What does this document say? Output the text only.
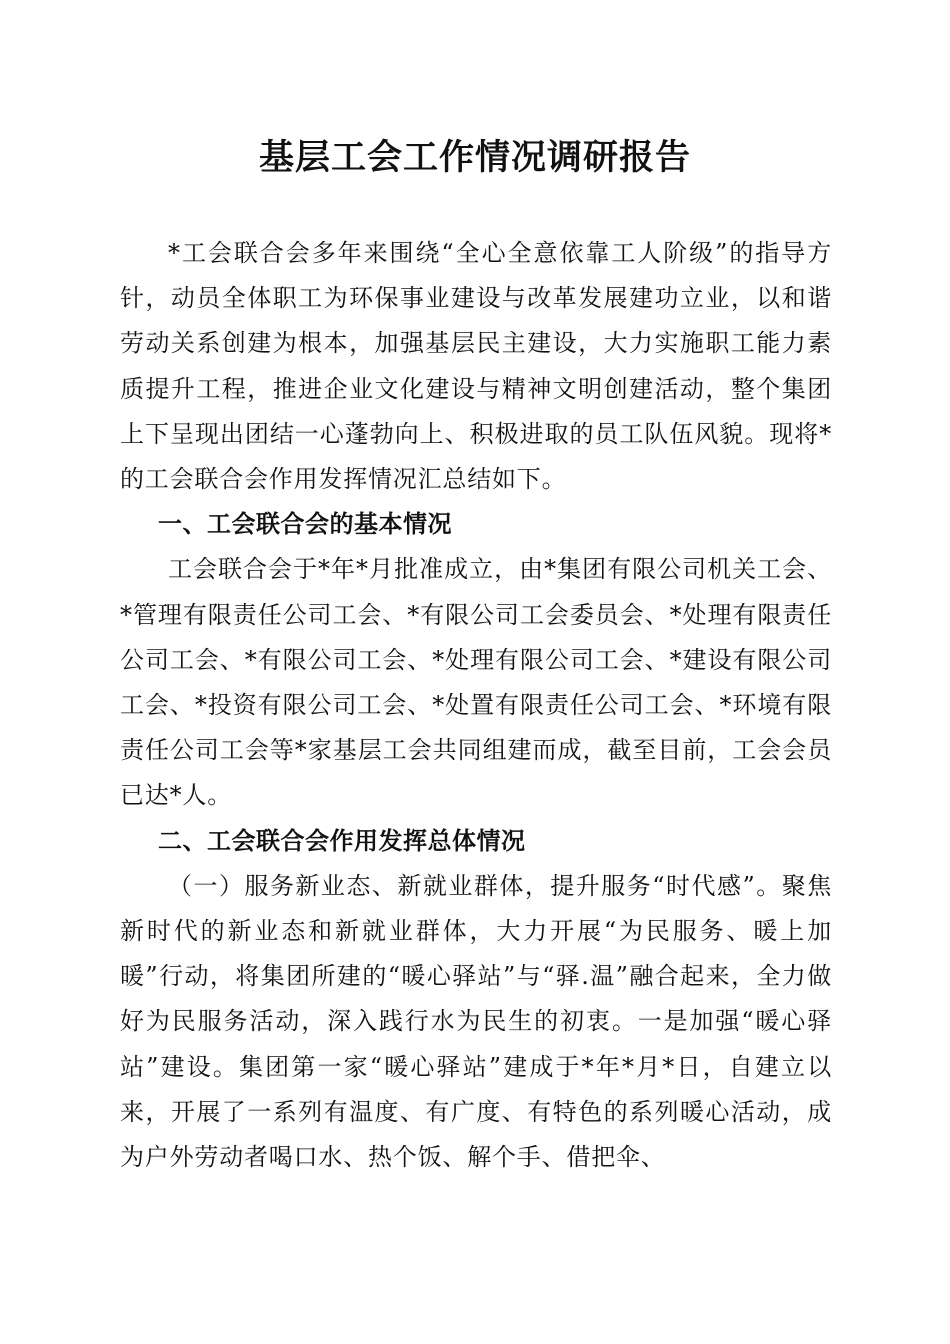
基层工会工作情况调研报告

*工会联合会多年来围绕“全心全意依靠工人阶级”的指导方针，动员全体职工为环保事业建设与改革发展建功立业，以和谐劳动关系创建为根本，加强基层民主建设，大力实施职工能力素质提升工程，推进企业文化建设与精神文明创建活动，整个集团上下呈现出团结一心蓬勃向上、积极进取的员工队伍风貌。现将*的工会联合会作用发挥情况汇总结如下。

一、工会联合会的基本情况

工会联合会于*年*月批准成立，由*集团有限公司机关工会、*管理有限责任公司工会、*有限公司工会委员会、*处理有限责任公司工会、*有限公司工会、*处理有限公司工会、*建设有限公司工会、*投资有限公司工会、*处置有限责任公司工会、*环境有限责任公司工会等*家基层工会共同组建而成，截至目前，工会会员已达*人。

二、工会联合会作用发挥总体情况

（一）服务新业态、新就业群体，提升服务“时代感”。聚焦新时代的新业态和新就业群体，大力开展“为民服务、暖上加暖”行动，将集团所建的“暖心驿站”与“驿.温”融合起来，全力做好为民服务活动，深入践行水为民生的初衷。一是加强“暖心驿站”建设。集团第一家“暖心驿站”建成于*年*月*日，自建立以来，开展了一系列有温度、有广度、有特色的系列暖心活动，成为户外劳动者喝口水、热个饭、解个手、借把伞、
